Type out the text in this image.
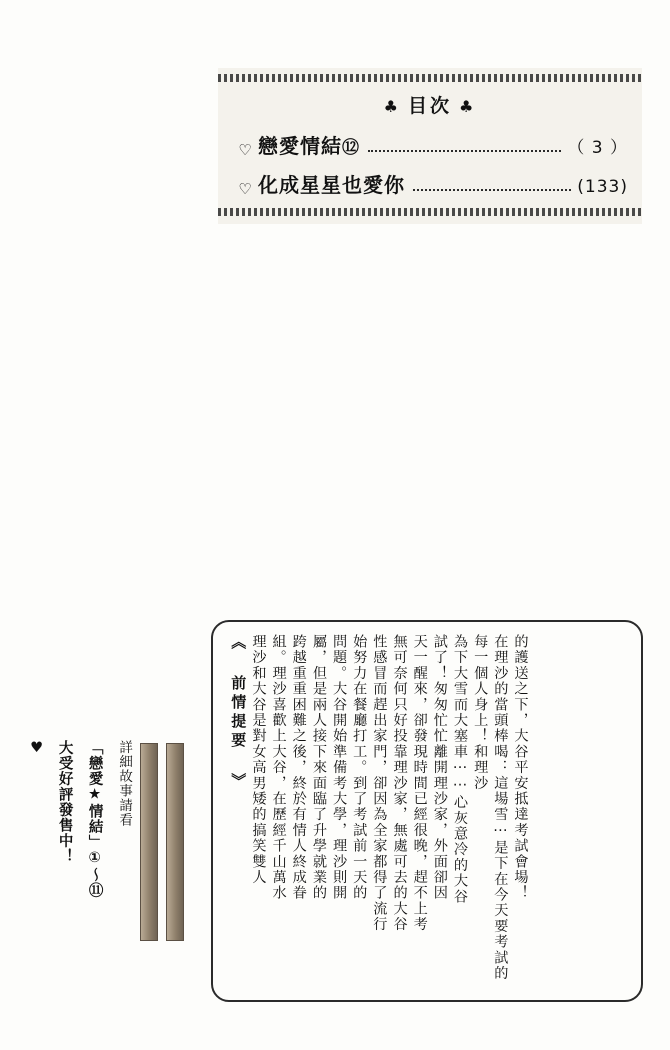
♣ 目次 ♣
♡ 戀愛情結⑫	（ 3 ）
♡ 化成星星也愛你	(133)
《 前情提要 》 理沙和大谷是對女高男矮的搞笑雙人 組。理沙喜歡上大谷，在歷經千山萬水 跨越重重困難之後，終於有情人終成眷 屬，但是兩人接下來面臨了升學就業的 問題。大谷開始準備考大學，理沙則開 始努力在餐廳打工。到了考試前一天的 性感冒而趕出家門，卻因為全家都得了流行 無可奈何只好投靠理沙家，無處可去的大谷 天一醒來，卻發現時間已經很晚，趕不上考 試了！匆匆忙忙離開理沙家，外面卻因 為下大雪而大塞車⋯⋯心灰意冷的大谷	在理沙的當頭棒喝：這場雪⋯是下在今天要考試的每一個人身上！和理沙	的護送之下，大谷平安抵達考試會場！
詳細故事請看
「戀愛★情結」①～⑪
大受好評發售中！
♥
